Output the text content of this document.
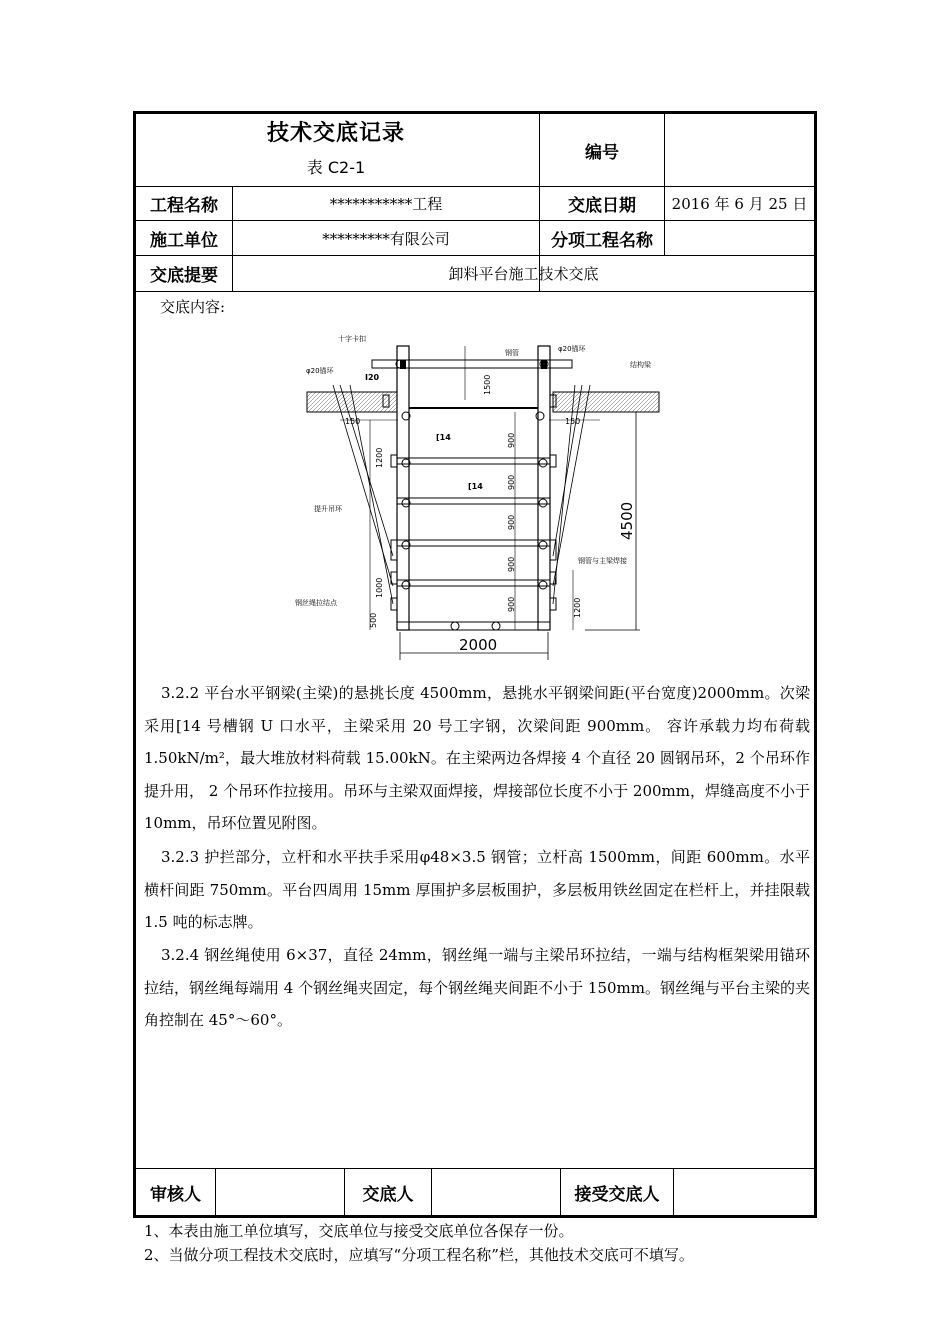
技术交底记录
表 C2-1
编号
工程名称	***********工程	交底日期	2016 年 6 月 25 日
施工单位	*********有限公司	分项工程名称
交底提要	卸料平台施工技术交底
交底内容:
十字卡扣
钢管	φ20锚环
φ20锚环
结构梁
I20
[14
[14
提升吊环
钢管与主梁焊接
钢丝绳拉结点
150	150
1500
1200
900
900
900
900
900
1000
500
1200
4500
2000
3.2.2 平台水平钢梁(主梁)的悬挑长度 4500mm，悬挑水平钢梁间距(平台宽度)2000mm。次梁采用[14 号槽钢 U 口水平，主梁采用 20 号工字钢，次梁间距 900mm。 容许承载力均布荷载 1.50kN/m²，最大堆放材料荷载 15.00kN。在主梁两边各焊接 4 个直径 20 圆钢吊环，2 个吊环作提升用， 2 个吊环作拉接用。吊环与主梁双面焊接，焊接部位长度不小于 200mm，焊缝高度不小于 10mm，吊环位置见附图。
3.2.3 护拦部分，立杆和水平扶手采用φ48×3.5 钢管；立杆高 1500mm，间距 600mm。水平横杆间距 750mm。平台四周用 15mm 厚围护多层板围护，多层板用铁丝固定在栏杆上，并挂限载 1.5 吨的标志牌。
3.2.4 钢丝绳使用 6×37，直径 24mm，钢丝绳一端与主梁吊环拉结，一端与结构框架梁用锚环拉结，钢丝绳每端用 4 个钢丝绳夹固定，每个钢丝绳夹间距不小于 150mm。钢丝绳与平台主梁的夹角控制在 45°～60°。
审核人	交底人	接受交底人
1、本表由施工单位填写，交底单位与接受交底单位各保存一份。
2、当做分项工程技术交底时，应填写“分项工程名称”栏，其他技术交底可不填写。
